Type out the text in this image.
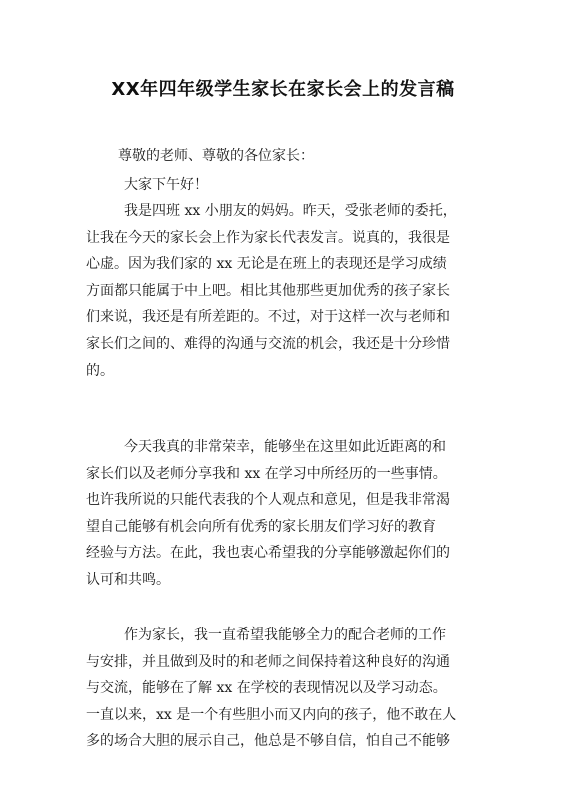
XX年四年级学生家长在家长会上的发言稿
尊敬的老师、尊敬的各位家长：
大家下午好！
我是四班 xx 小朋友的妈妈。昨天，受张老师的委托，
让我在今天的家长会上作为家长代表发言。说真的，我很是
心虚。因为我们家的 xx 无论是在班上的表现还是学习成绩
方面都只能属于中上吧。相比其他那些更加优秀的孩子家长
们来说，我还是有所差距的。不过，对于这样一次与老师和
家长们之间的、难得的沟通与交流的机会，我还是十分珍惜
的。
今天我真的非常荣幸，能够坐在这里如此近距离的和
家长们以及老师分享我和 xx 在学习中所经历的一些事情。
也许我所说的只能代表我的个人观点和意见，但是我非常渴
望自己能够有机会向所有优秀的家长朋友们学习好的教育
经验与方法。在此，我也衷心希望我的分享能够激起你们的
认可和共鸣。
作为家长，我一直希望我能够全力的配合老师的工作
与安排，并且做到及时的和老师之间保持着这种良好的沟通
与交流，能够在了解 xx 在学校的表现情况以及学习动态。
一直以来，xx 是一个有些胆小而又内向的孩子，他不敢在人
多的场合大胆的展示自己，他总是不够自信，怕自己不能够
